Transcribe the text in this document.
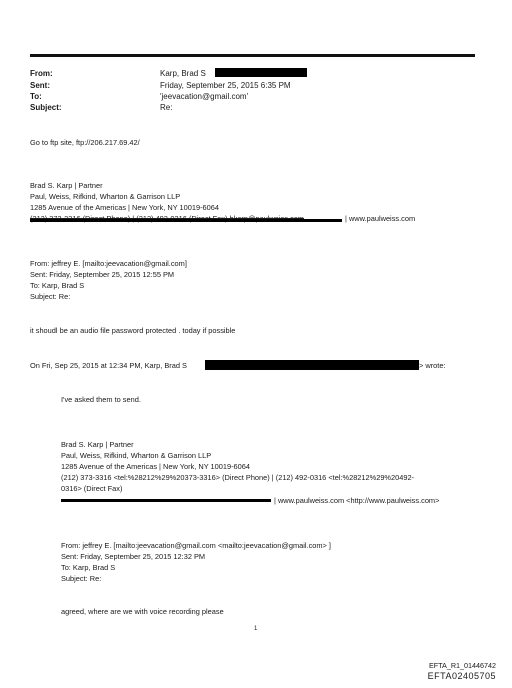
From:	Karp, Brad S
Sent:	Friday, September 25, 2015 6:35 PM
To:	'jeevacation@gmail.com'
Subject:	Re:
Go to ftp site, ftp://206.217.69.42/
Brad S. Karp | Partner
Paul, Weiss, Rifkind, Wharton & Garrison LLP
1285 Avenue of the Americas | New York, NY 10019-6064
| www.paulweiss.com
From: jeffrey E. [mailto:jeevacation@gmail.com]
Sent: Friday, September 25, 2015 12:55 PM
To: Karp, Brad S
Subject: Re:
it shoudl be an audio file password protected . today if possible
On Fri, Sep 25, 2015 at 12:34 PM, Karp, Brad S	> wrote:
I've asked them to send.
Brad S. Karp | Partner
Paul, Weiss, Rifkind, Wharton & Garrison LLP
1285 Avenue of the Americas | New York, NY 10019-6064
(212) 373-3316 <tel:%28212%29%20373-3316> (Direct Phone) | (212) 492-0316 <tel:%28212%29%20492-
0316> (Direct Fax)
| www.paulweiss.com <http://www.paulweiss.com>
From: jeffrey E. [mailto:jeevacation@gmail.com <mailto:jeevacation@gmail.com> ]
Sent: Friday, September 25, 2015 12:32 PM
To: Karp, Brad S
Subject: Re:
agreed, where are we with voice recording please
1
EFTA_R1_01446742
EFTA02405705
